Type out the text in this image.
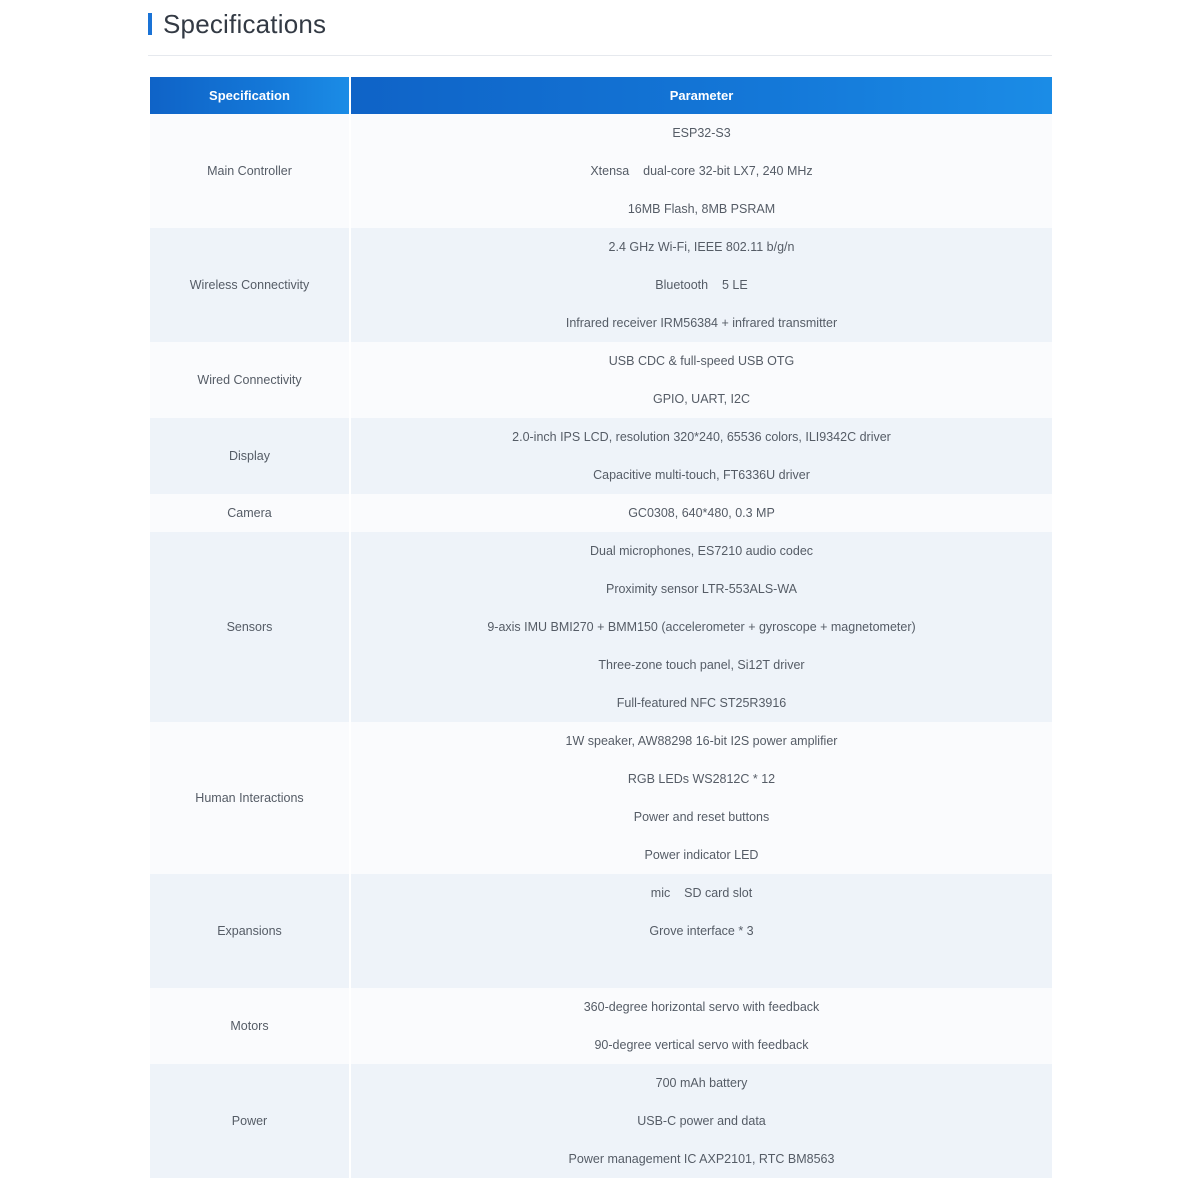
Specifications
Specification	Parameter
Main Controller	ESP32-S3
Xtensa    dual-core 32-bit LX7, 240 MHz
16MB Flash, 8MB PSRAM

Wireless Connectivity	2.4 GHz Wi-Fi, IEEE 802.11 b/g/n
Bluetooth    5 LE
Infrared receiver IRM56384 + infrared transmitter

Wired Connectivity	USB CDC & full-speed USB OTG
GPIO, UART, I2C

Display	2.0-inch IPS LCD, resolution 320*240, 65536 colors, ILI9342C driver
Capacitive multi-touch, FT6336U driver

Camera	GC0308, 640*480, 0.3 MP

Sensors	Dual microphones, ES7210 audio codec
Proximity sensor LTR-553ALS-WA
9-axis IMU BMI270 + BMM150 (accelerometer + gyroscope + magnetometer)
Three-zone touch panel, Si12T driver
Full-featured NFC ST25R3916

Human Interactions	1W speaker, AW88298 16-bit I2S power amplifier
RGB LEDs WS2812C * 12
Power and reset buttons
Power indicator LED

Expansions	mic    SD card slot
Grove interface * 3

Motors	360-degree horizontal servo with feedback
90-degree vertical servo with feedback

Power	700 mAh battery
USB-C power and data
Power management IC AXP2101, RTC BM8563
